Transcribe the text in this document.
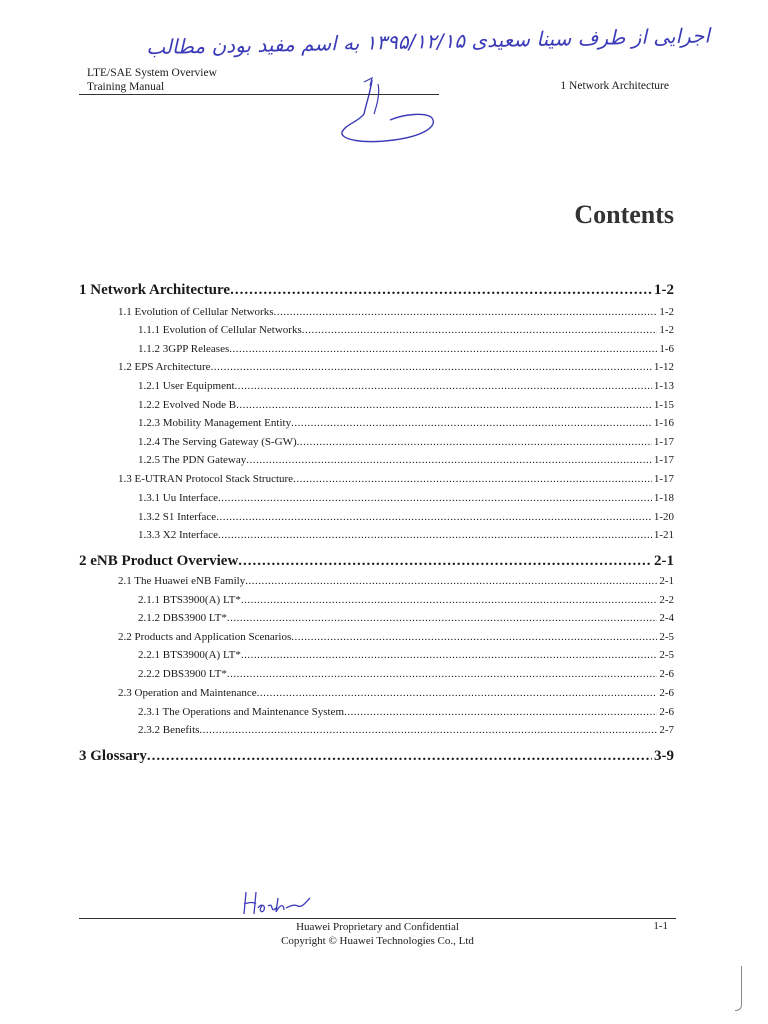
اجرایی از طرف سینا سعیدی ۱۳۹۵/۱۲/۱۵ به اسم مفید بودن مطالب
LTE/SAE System Overview
Training Manual	1 Network Architecture
Contents
1 Network Architecture .....	1-2
1.1 Evolution of Cellular Networks .....	1-2
1.1.1 Evolution of Cellular Networks .....	1-2
1.1.2 3GPP Releases .....	1-6
1.2 EPS Architecture .....	1-12
1.2.1 User Equipment .....	1-13
1.2.2 Evolved Node B .....	1-15
1.2.3 Mobility Management Entity .....	1-16
1.2.4 The Serving Gateway (S-GW) .....	1-17
1.2.5 The PDN Gateway .....	1-17
1.3 E-UTRAN Protocol Stack Structure .....	1-17
1.3.1 Uu Interface .....	1-18
1.3.2 S1 Interface .....	1-20
1.3.3 X2 Interface .....	1-21
2 eNB Product Overview .....	2-1
2.1 The Huawei eNB Family .....	2-1
2.1.1 BTS3900(A) LT* .....	2-2
2.1.2 DBS3900 LT* .....	2-4
2.2 Products and Application Scenarios .....	2-5
2.2.1 BTS3900(A) LT* .....	2-5
2.2.2 DBS3900 LT* .....	2-6
2.3 Operation and Maintenance .....	2-6
2.3.1 The Operations and Maintenance System .....	2-6
2.3.2 Benefits .....	2-7
3 Glossary .....	3-9
Huawei Proprietary and Confidential
Copyright © Huawei Technologies Co., Ltd
1-1
